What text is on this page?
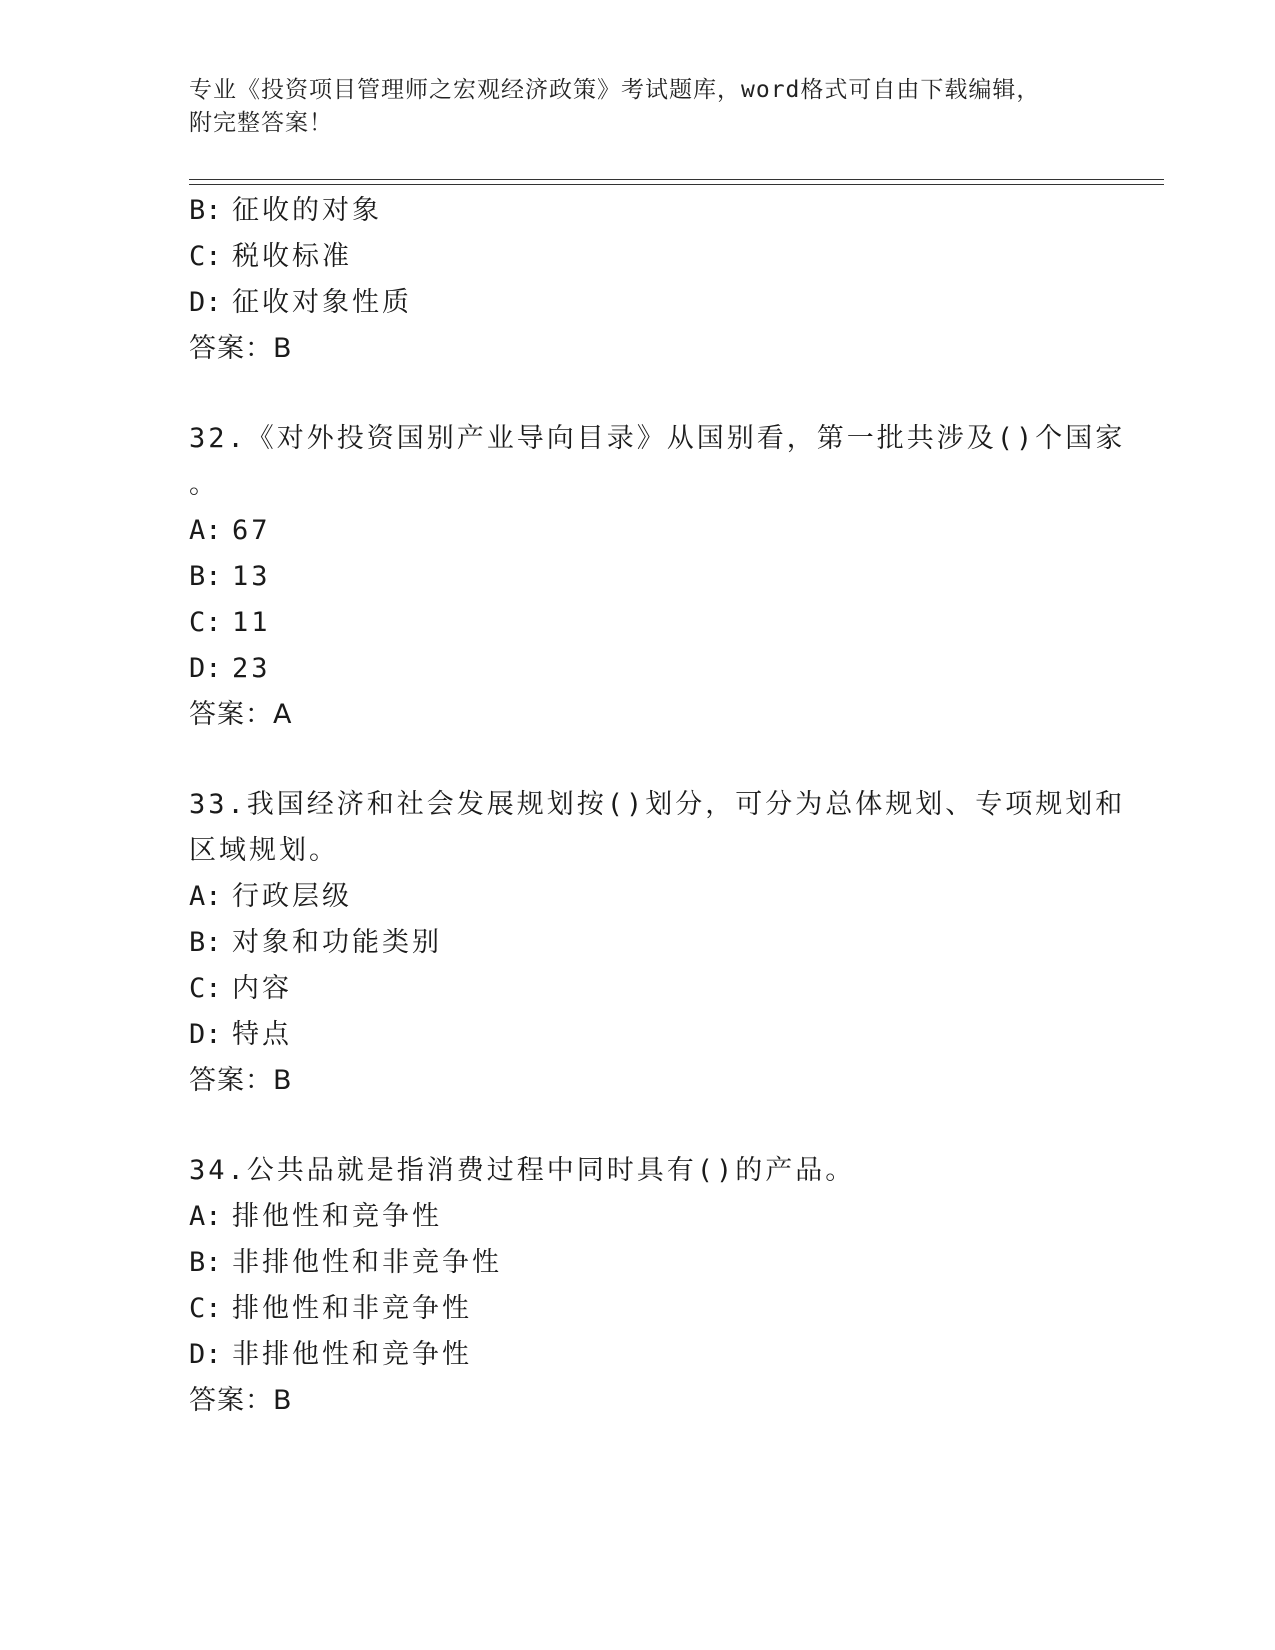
专业《投资项目管理师之宏观经济政策》考试题库，word格式可自由下载编辑，
附完整答案！
B: 征收的对象
C: 税收标准
D: 征收对象性质
答案：B
32.《对外投资国别产业导向目录》从国别看，第一批共涉及()个国家
。
A: 67
B: 13
C: 11
D: 23
答案：A
33.我国经济和社会发展规划按()划分，可分为总体规划、专项规划和
区域规划。
A: 行政层级
B: 对象和功能类别
C: 内容
D: 特点
答案：B
34.公共品就是指消费过程中同时具有()的产品。
A: 排他性和竞争性
B: 非排他性和非竞争性
C: 排他性和非竞争性
D: 非排他性和竞争性
答案：B
